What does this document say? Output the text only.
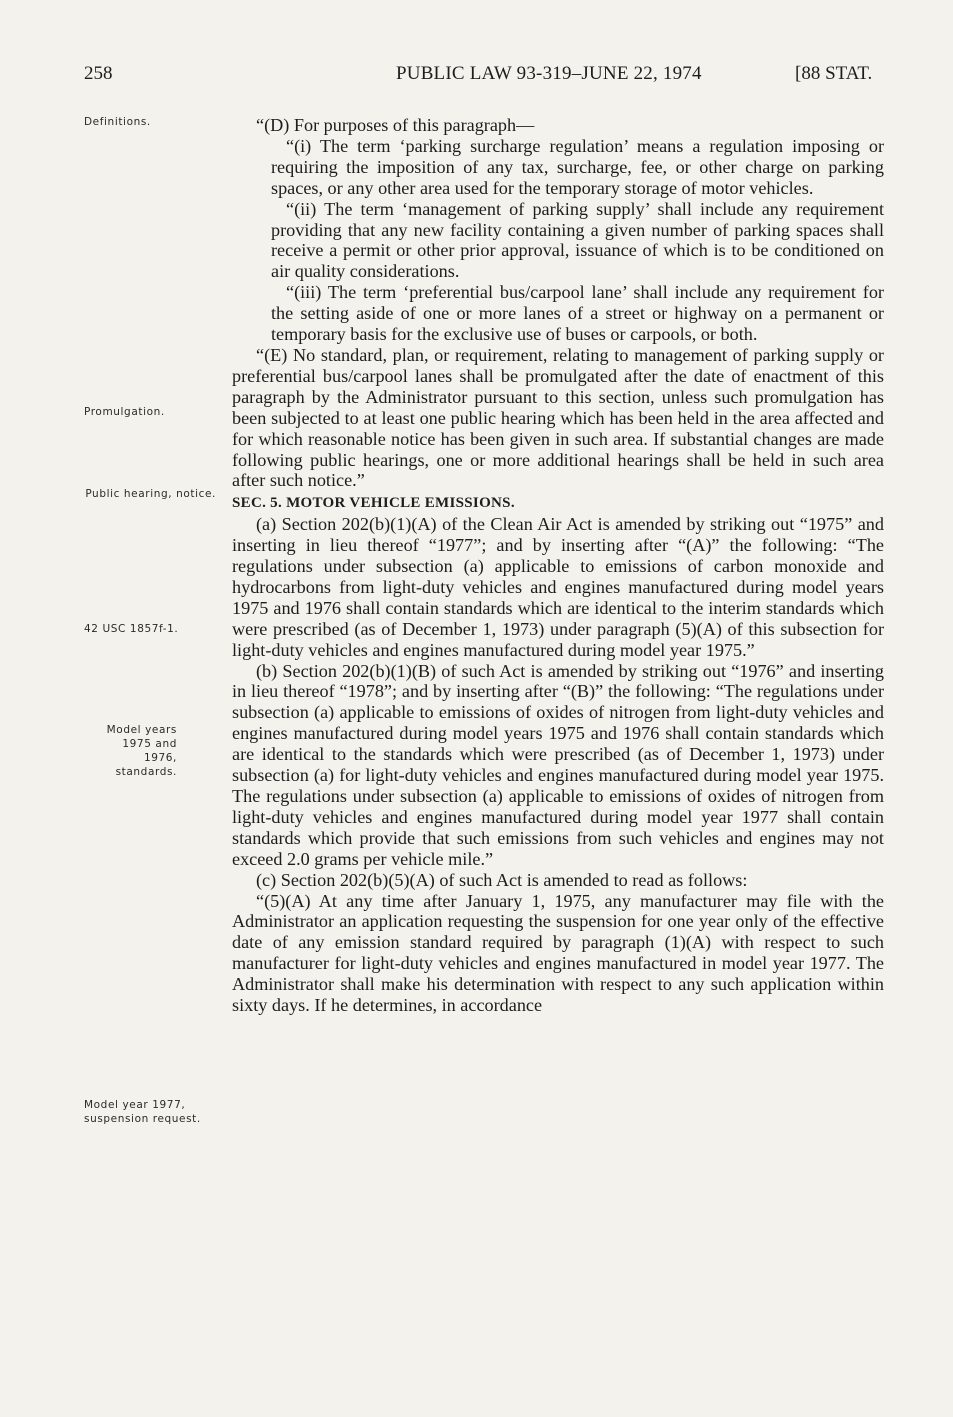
258	PUBLIC LAW 93-319–JUNE 22, 1974	[88 STAT.
Definitions.
Promulgation.
Public hearing, notice.
42 USC 1857f-1.
Model years 1975 and 1976, standards.
Model year 1977, suspension request.

“(D) For purposes of this paragraph—

“(i) The term ‘parking surcharge regulation’ means a regulation imposing or requiring the imposition of any tax, surcharge, fee, or other charge on parking spaces, or any other area used for the temporary storage of motor vehicles.

“(ii) The term ‘management of parking supply’ shall include any requirement providing that any new facility containing a given number of parking spaces shall receive a permit or other prior approval, issuance of which is to be conditioned on air quality considerations.

“(iii) The term ‘preferential bus/carpool lane’ shall include any requirement for the setting aside of one or more lanes of a street or highway on a permanent or temporary basis for the exclusive use of buses or carpools, or both.

“(E) No standard, plan, or requirement, relating to management of parking supply or preferential bus/carpool lanes shall be promulgated after the date of enactment of this paragraph by the Administrator pursuant to this section, unless such promulgation has been subjected to at least one public hearing which has been held in the area affected and for which reasonable notice has been given in such area. If substantial changes are made following public hearings, one or more additional hearings shall be held in such area after such notice.”

SEC. 5. MOTOR VEHICLE EMISSIONS.

(a) Section 202(b)(1)(A) of the Clean Air Act is amended by striking out “1975” and inserting in lieu thereof “1977”; and by inserting after “(A)” the following: “The regulations under subsection (a) applicable to emissions of carbon monoxide and hydrocarbons from light-duty vehicles and engines manufactured during model years 1975 and 1976 shall contain standards which are identical to the interim standards which were prescribed (as of December 1, 1973) under paragraph (5)(A) of this subsection for light-duty vehicles and engines manufactured during model year 1975.”

(b) Section 202(b)(1)(B) of such Act is amended by striking out “1976” and inserting in lieu thereof “1978”; and by inserting after “(B)” the following: “The regulations under subsection (a) applicable to emissions of oxides of nitrogen from light-duty vehicles and engines manufactured during model years 1975 and 1976 shall contain standards which are identical to the standards which were prescribed (as of December 1, 1973) under subsection (a) for light-duty vehicles and engines manufactured during model year 1975. The regulations under subsection (a) applicable to emissions of oxides of nitrogen from light-duty vehicles and engines manufactured during model year 1977 shall contain standards which provide that such emissions from such vehicles and engines may not exceed 2.0 grams per vehicle mile.”

(c) Section 202(b)(5)(A) of such Act is amended to read as follows:

“(5)(A) At any time after January 1, 1975, any manufacturer may file with the Administrator an application requesting the suspension for one year only of the effective date of any emission standard required by paragraph (1)(A) with respect to such manufacturer for light-duty vehicles and engines manufactured in model year 1977. The Administrator shall make his determination with respect to any such application within sixty days. If he determines, in accordance
